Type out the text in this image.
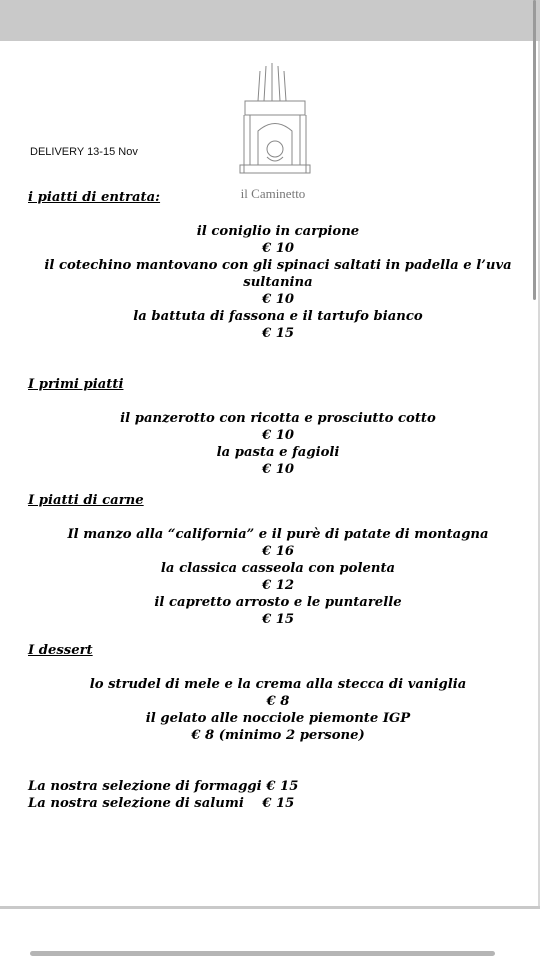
il Caminetto
DELIVERY 13-15 Nov

i piatti di entrata:

il coniglio in carpione

€ 10

il cotechino mantovano con gli spinaci saltati in padella e l’uva sultanina

€ 10

la battuta di fassona e il tartufo bianco

€ 15

I primi piatti

il panzerotto con ricotta e prosciutto cotto

€ 10

la pasta e fagioli

€ 10

I piatti di carne

Il manzo alla “california” e il purè di patate di montagna

€ 16

la classica casseola con polenta

€ 12

il capretto arrosto e le puntarelle

€ 15

I dessert

lo strudel di mele e la crema alla stecca di vaniglia

€ 8

il gelato alle nocciole piemonte IGP

€ 8 (minimo 2 persone)

La nostra selezione di formaggi € 15

La nostra selezione di salumi    € 15
